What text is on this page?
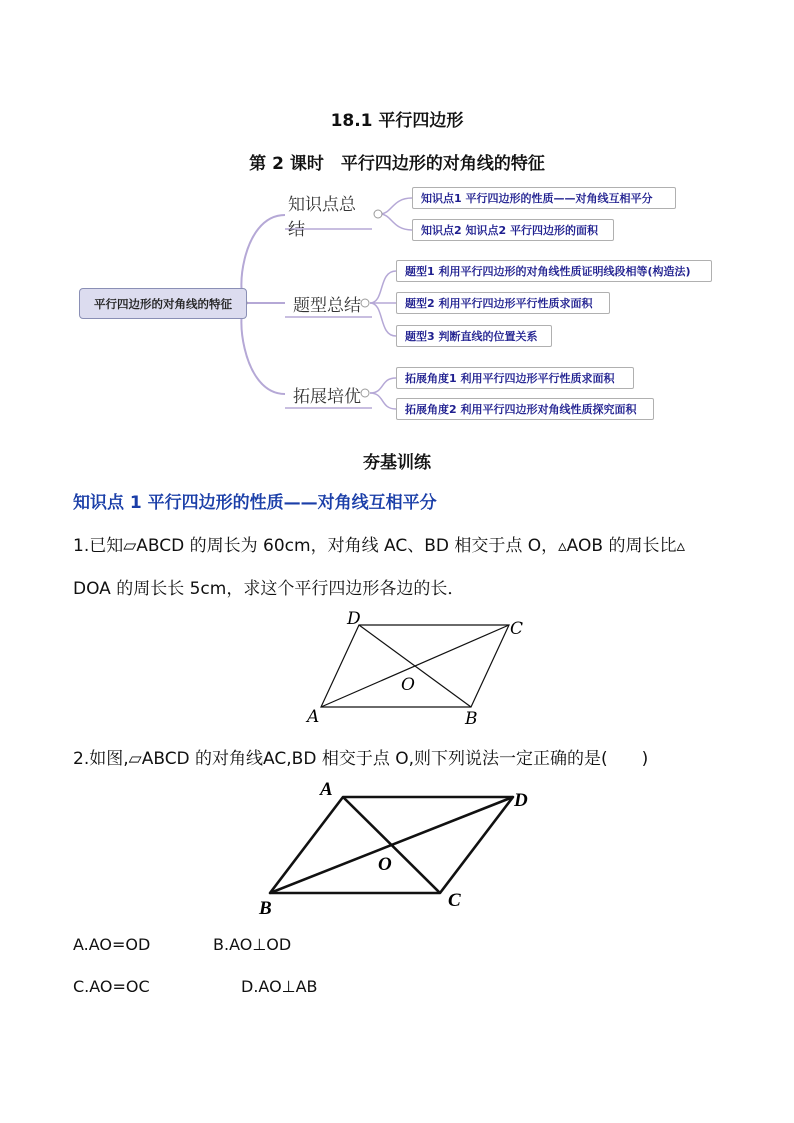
18.1 平行四边形
第 2 课时　平行四边形的对角线的特征
平行四边形的对角线的特征
知识点总结
题型总结
拓展培优
知识点1 平行四边形的性质——对角线互相平分
知识点2 知识点2 平行四边形的面积
题型1 利用平行四边形的对角线性质证明线段相等(构造法)
题型2 利用平行四边形平行性质求面积
题型3 判断直线的位置关系
拓展角度1 利用平行四边形平行性质求面积
拓展角度2 利用平行四边形对角线性质探究面积
夯基训练
知识点 1 平行四边形的性质——对角线互相平分
1.已知▱ABCD 的周长为 60cm，对角线 AC、BD 相交于点 O，▵AOB 的周长比▵
DOA 的周长长 5cm，求这个平行四边形各边的长．
D	C
O
A	B
2.如图,▱ABCD 的对角线AC,BD 相交于点 O,则下列说法一定正确的是(　　)
A
D
O
B	C
A.AO=OD	B.AO⊥OD
C.AO=OC	D.AO⊥AB
